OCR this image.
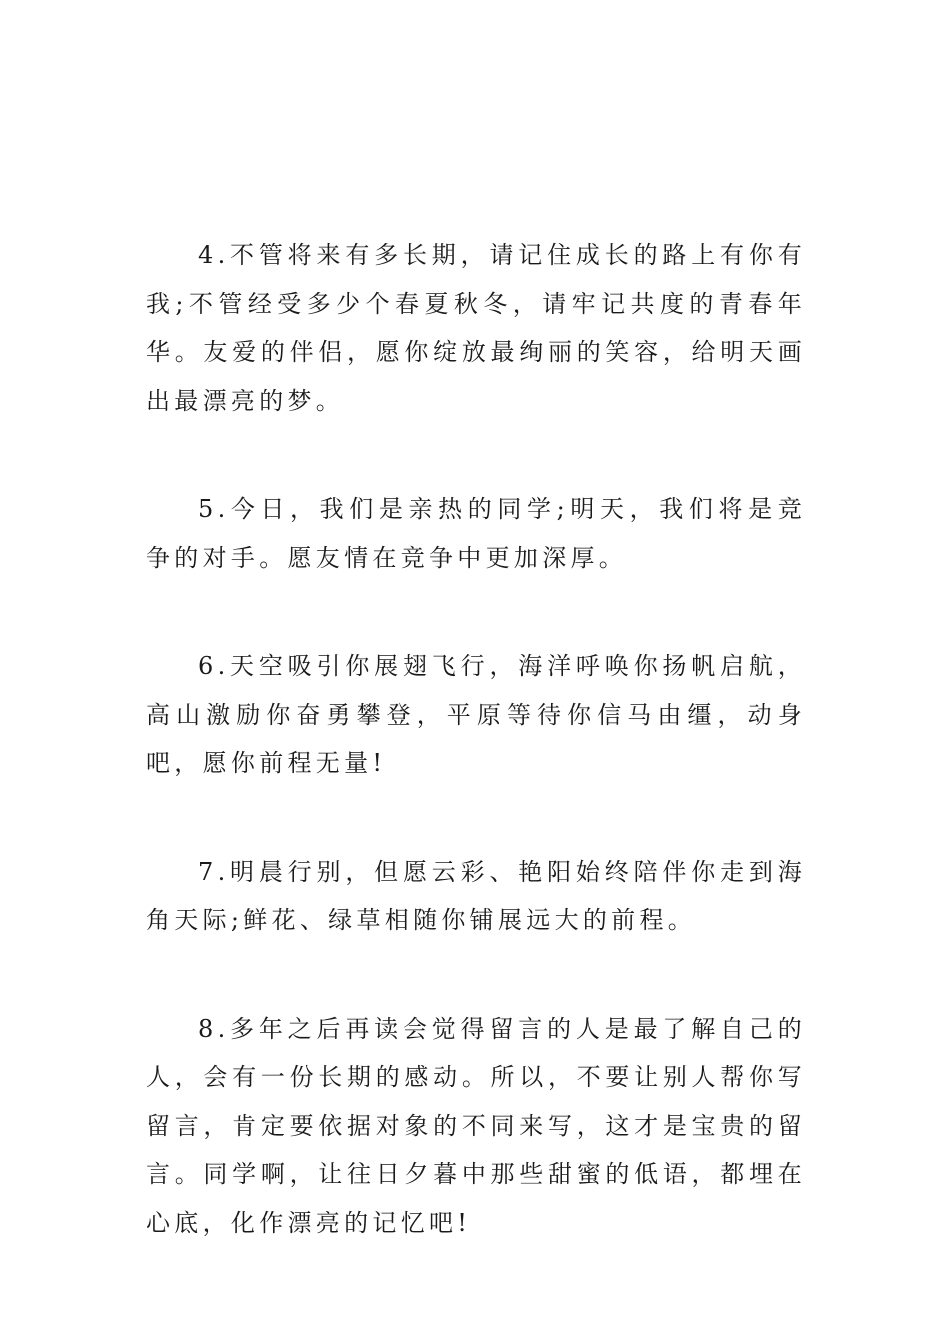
4.不管将来有多长期，请记住成长的路上有你有我;不管经受多少个春夏秋冬，请牢记共度的青春年华。友爱的伴侣，愿你绽放最绚丽的笑容，给明天画出最漂亮的梦。

5.今日，我们是亲热的同学;明天，我们将是竞争的对手。愿友情在竞争中更加深厚。

6.天空吸引你展翅飞行，海洋呼唤你扬帆启航，高山激励你奋勇攀登，平原等待你信马由缰，动身吧，愿你前程无量!

7.明晨行别，但愿云彩、艳阳始终陪伴你走到海角天际;鲜花、绿草相随你铺展远大的前程。

8.多年之后再读会觉得留言的人是最了解自己的人，会有一份长期的感动。所以，不要让别人帮你写留言，肯定要依据对象的不同来写，这才是宝贵的留言。同学啊，让往日夕暮中那些甜蜜的低语，都埋在心底，化作漂亮的记忆吧!
